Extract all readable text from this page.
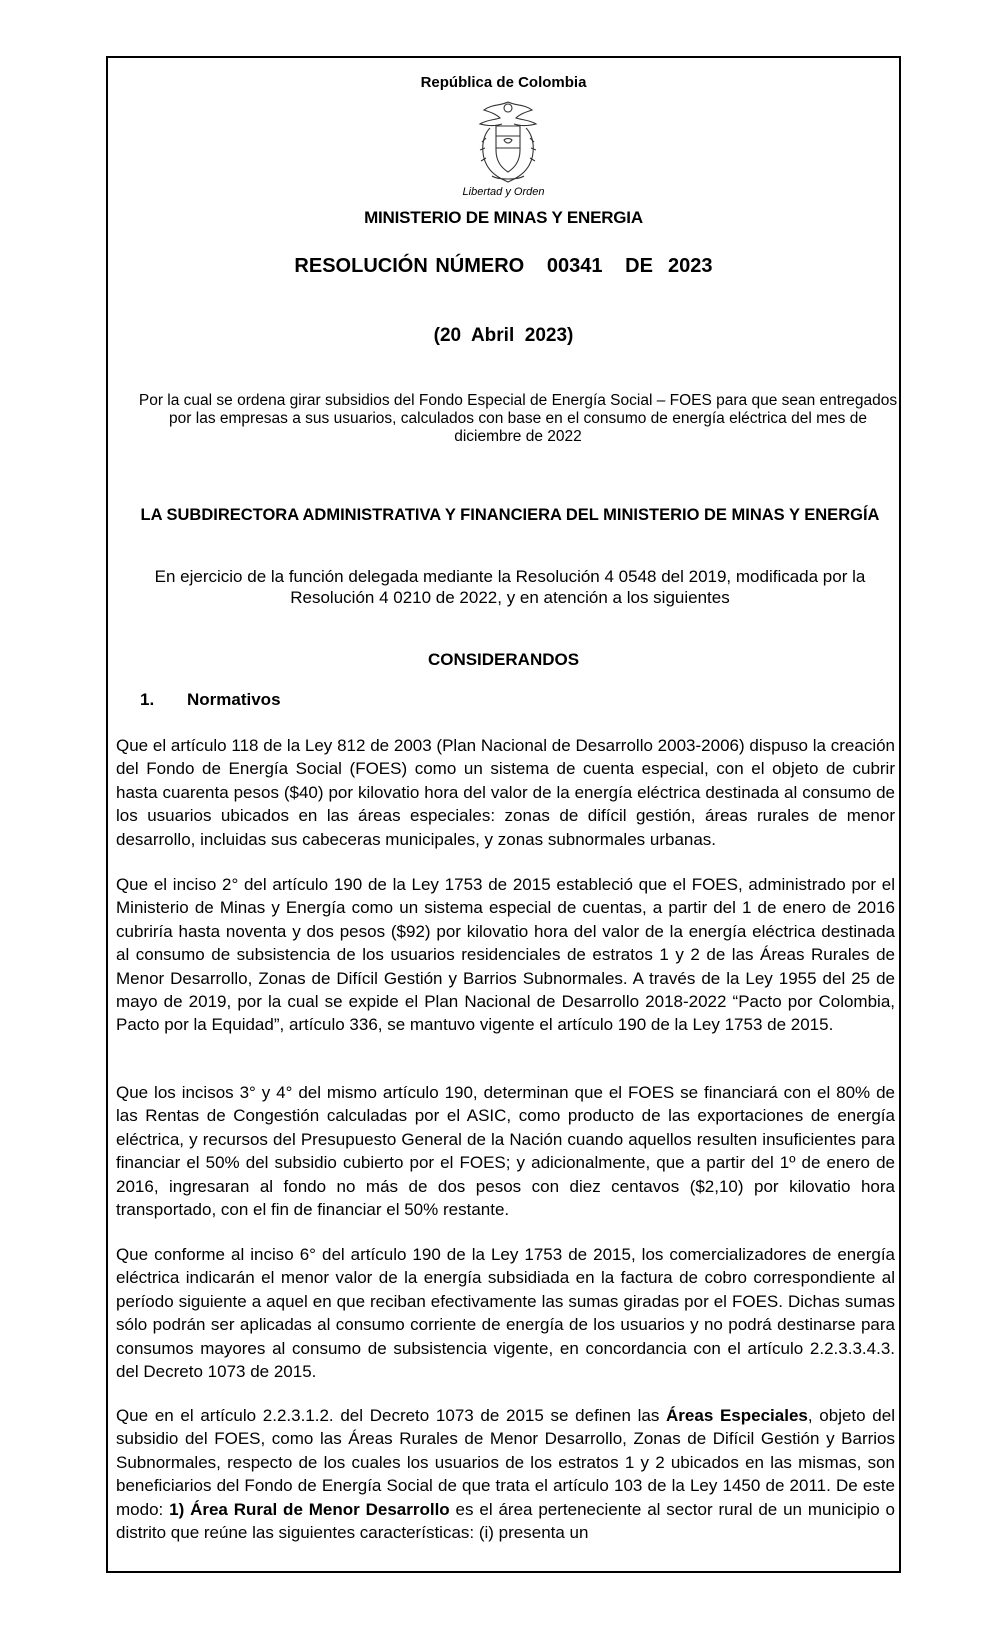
República de Colombia
Libertad y Orden
MINISTERIO DE MINAS Y ENERGIA
RESOLUCIÓN NÚMERO   00341   DE  2023
(20  Abril  2023)
Por la cual se ordena girar subsidios del Fondo Especial de Energía Social – FOES para que sean entregados por las empresas a sus usuarios, calculados con base en el consumo de energía eléctrica del mes de diciembre de 2022
LA SUBDIRECTORA ADMINISTRATIVA Y FINANCIERA DEL MINISTERIO DE MINAS Y ENERGÍA
En ejercicio de la función delegada mediante la Resolución 4 0548 del 2019, modificada por la Resolución 4 0210 de 2022, y en atención a los siguientes
CONSIDERANDOS
1. Normativos
Que el artículo 118 de la Ley 812 de 2003 (Plan Nacional de Desarrollo 2003-2006) dispuso la creación del Fondo de Energía Social (FOES) como un sistema de cuenta especial, con el objeto de cubrir hasta cuarenta pesos ($40) por kilovatio hora del valor de la energía eléctrica destinada al consumo de los usuarios ubicados en las áreas especiales: zonas de difícil gestión, áreas rurales de menor desarrollo, incluidas sus cabeceras municipales, y zonas subnormales urbanas.
Que el inciso 2° del artículo 190 de la Ley 1753 de 2015 estableció que el FOES, administrado por el Ministerio de Minas y Energía como un sistema especial de cuentas, a partir del 1 de enero de 2016 cubriría hasta noventa y dos pesos ($92) por kilovatio hora del valor de la energía eléctrica destinada al consumo de subsistencia de los usuarios residenciales de estratos 1 y 2 de las Áreas Rurales de Menor Desarrollo, Zonas de Difícil Gestión y Barrios Subnormales. A través de la Ley 1955 del 25 de mayo de 2019, por la cual se expide el Plan Nacional de Desarrollo 2018-2022 “Pacto por Colombia, Pacto por la Equidad”, artículo 336, se mantuvo vigente el artículo 190 de la Ley 1753 de 2015.
Que los incisos 3° y 4° del mismo artículo 190, determinan que el FOES se financiará con el 80% de las Rentas de Congestión calculadas por el ASIC, como producto de las exportaciones de energía eléctrica, y recursos del Presupuesto General de la Nación cuando aquellos resulten insuficientes para financiar el 50% del subsidio cubierto por el FOES; y adicionalmente, que a partir del 1º de enero de 2016, ingresaran al fondo no más de dos pesos con diez centavos ($2,10) por kilovatio hora transportado, con el fin de financiar el 50% restante.
Que conforme al inciso 6° del artículo 190 de la Ley 1753 de 2015, los comercializadores de energía eléctrica indicarán el menor valor de la energía subsidiada en la factura de cobro correspondiente al período siguiente a aquel en que reciban efectivamente las sumas giradas por el FOES. Dichas sumas sólo podrán ser aplicadas al consumo corriente de energía de los usuarios y no podrá destinarse para consumos mayores al consumo de subsistencia vigente, en concordancia con el artículo 2.2.3.3.4.3. del Decreto 1073 de 2015.
Que en el artículo 2.2.3.1.2. del Decreto 1073 de 2015 se definen las Áreas Especiales, objeto del subsidio del FOES, como las Áreas Rurales de Menor Desarrollo, Zonas de Difícil Gestión y Barrios Subnormales, respecto de los cuales los usuarios de los estratos 1 y 2 ubicados en las mismas, son beneficiarios del Fondo de Energía Social de que trata el artículo 103 de la Ley 1450 de 2011. De este modo: 1) Área Rural de Menor Desarrollo es el área perteneciente al sector rural de un municipio o distrito que reúne las siguientes características: (i) presenta un
